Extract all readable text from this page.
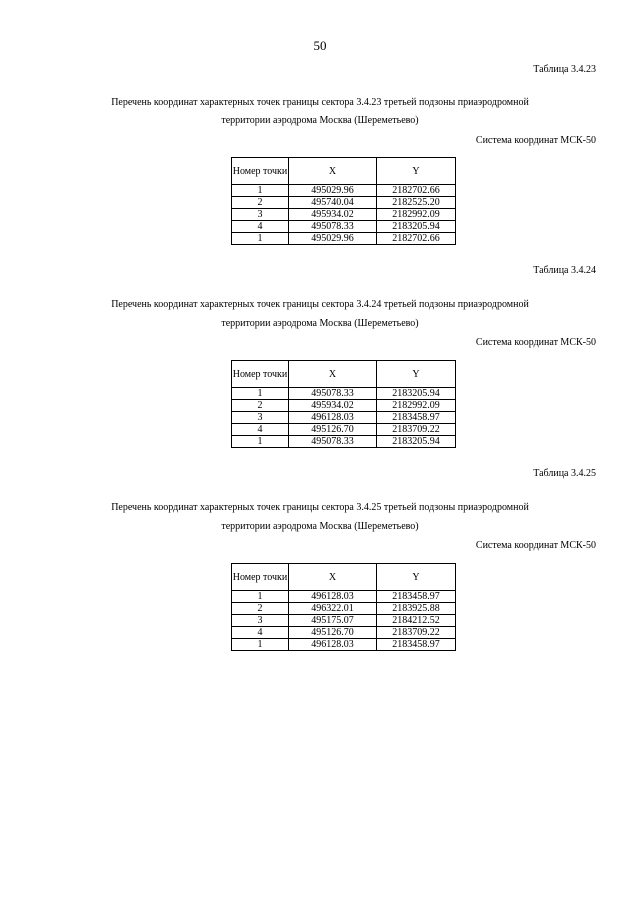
50
Таблица 3.4.23
Перечень координат характерных точек границы сектора 3.4.23 третьей подзоны приаэродромной
территории аэродрома Москва (Шереметьево)
Система координат МСК-50
Номер точки	X	Y
1	495029.96	2182702.66
2	495740.04	2182525.20
3	495934.02	2182992.09
4	495078.33	2183205.94
1	495029.96	2182702.66
Таблица 3.4.24
Перечень координат характерных точек границы сектора 3.4.24 третьей подзоны приаэродромной
территории аэродрома Москва (Шереметьево)
Система координат МСК-50
Номер точки	X	Y
1	495078.33	2183205.94
2	495934.02	2182992.09
3	496128.03	2183458.97
4	495126.70	2183709.22
1	495078.33	2183205.94
Таблица 3.4.25
Перечень координат характерных точек границы сектора 3.4.25 третьей подзоны приаэродромной
территории аэродрома Москва (Шереметьево)
Система координат МСК-50
Номер точки	X	Y
1	496128.03	2183458.97
2	496322.01	2183925.88
3	495175.07	2184212.52
4	495126.70	2183709.22
1	496128.03	2183458.97
